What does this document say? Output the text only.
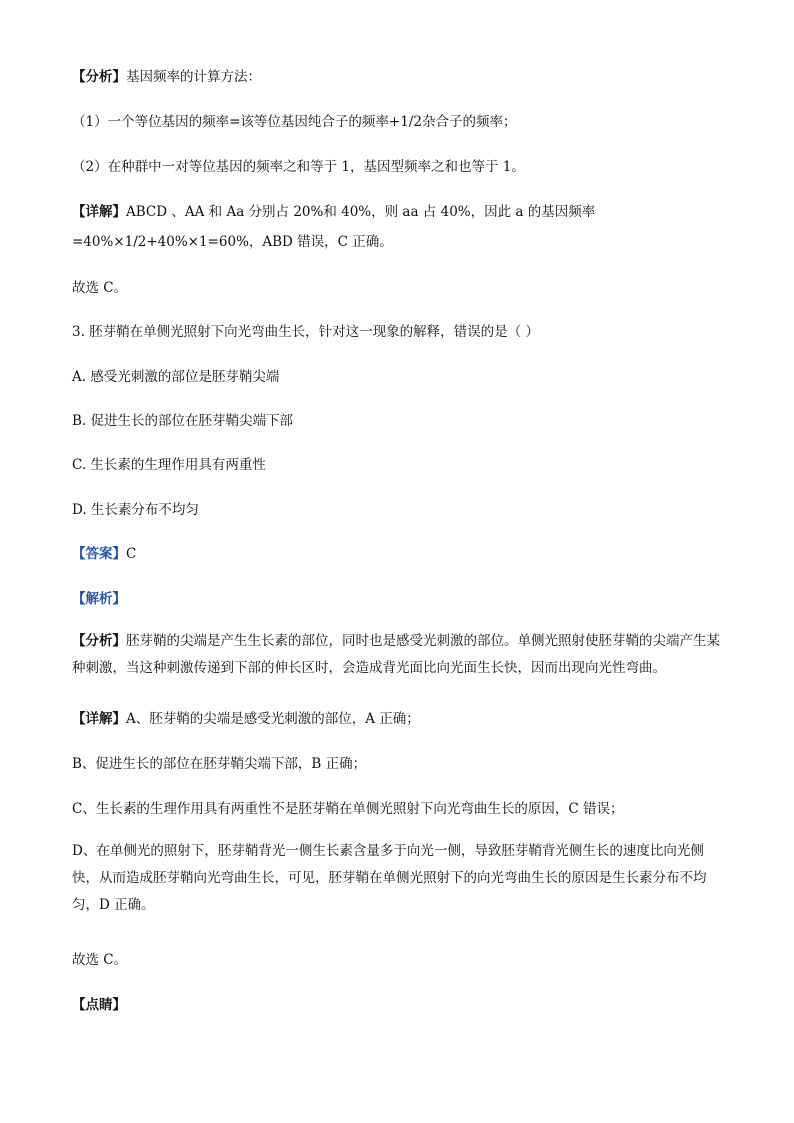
【分析】基因频率的计算方法：
（1）一个等位基因的频率=该等位基因纯合子的频率+1/2杂合子的频率；
（2）在种群中一对等位基因的频率之和等于 1，基因型频率之和也等于 1。
【详解】ABCD 、AA 和 Aa 分别占 20%和 40%，则 aa 占 40%，因此 a 的基因频率
=40%×1/2+40%×1=60%，ABD 错误，C 正确。
故选 C。
3. 胚芽鞘在单侧光照射下向光弯曲生长，针对这一现象的解释，错误的是（ ）
A. 感受光刺激的部位是胚芽鞘尖端
B. 促进生长的部位在胚芽鞘尖端下部
C. 生长素的生理作用具有两重性
D. 生长素分布不均匀
【答案】C
【解析】
【分析】胚芽鞘的尖端是产生生长素的部位，同时也是感受光刺激的部位。单侧光照射使胚芽鞘的尖端产生某种刺激，当这种刺激传递到下部的伸长区时，会造成背光面比向光面生长快，因而出现向光性弯曲。
【详解】A、胚芽鞘的尖端是感受光刺激的部位，A 正确；
B、促进生长的部位在胚芽鞘尖端下部，B 正确；
C、生长素的生理作用具有两重性不是胚芽鞘在单侧光照射下向光弯曲生长的原因，C 错误；
D、在单侧光的照射下，胚芽鞘背光一侧生长素含量多于向光一侧，导致胚芽鞘背光侧生长的速度比向光侧快，从而造成胚芽鞘向光弯曲生长，可见，胚芽鞘在单侧光照射下的向光弯曲生长的原因是生长素分布不均匀，D 正确。
故选 C。
【点睛】
